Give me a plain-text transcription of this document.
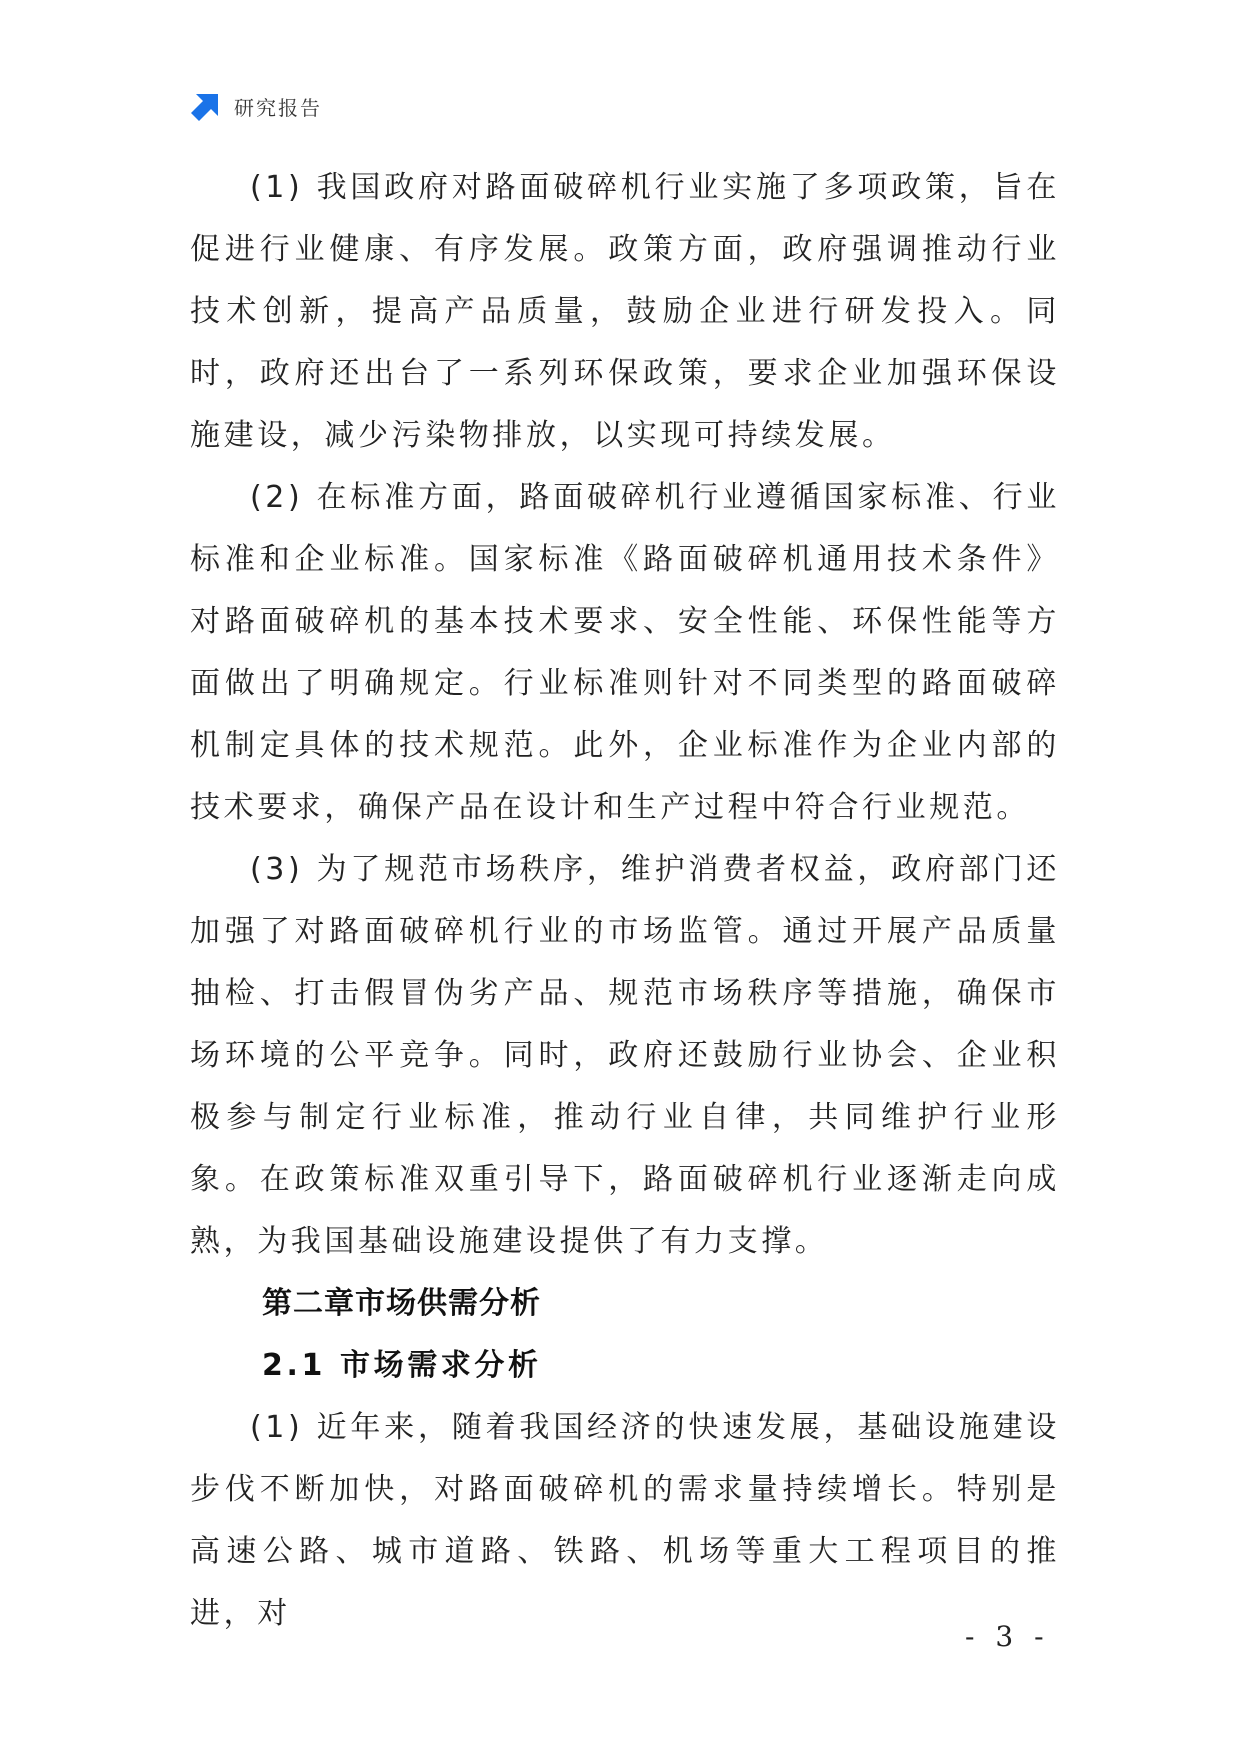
研究报告

(1) 我国政府对路面破碎机行业实施了多项政策，旨在促进行业健康、有序发展。政策方面，政府强调推动行业技术创新，提高产品质量，鼓励企业进行研发投入。同时，政府还出台了一系列环保政策，要求企业加强环保设施建设，减少污染物排放，以实现可持续发展。

(2) 在标准方面，路面破碎机行业遵循国家标准、行业标准和企业标准。国家标准《路面破碎机通用技术条件》对路面破碎机的基本技术要求、安全性能、环保性能等方面做出了明确规定。行业标准则针对不同类型的路面破碎机制定具体的技术规范。此外，企业标准作为企业内部的技术要求，确保产品在设计和生产过程中符合行业规范。

(3) 为了规范市场秩序，维护消费者权益，政府部门还加强了对路面破碎机行业的市场监管。通过开展产品质量抽检、打击假冒伪劣产品、规范市场秩序等措施，确保市场环境的公平竞争。同时，政府还鼓励行业协会、企业积极参与制定行业标准，推动行业自律，共同维护行业形象。在政策标准双重引导下，路面破碎机行业逐渐走向成熟，为我国基础设施建设提供了有力支撑。

第二章市场供需分析
2.1 市场需求分析

(1) 近年来，随着我国经济的快速发展，基础设施建设步伐不断加快，对路面破碎机的需求量持续增长。特别是高速公路、城市道路、铁路、机场等重大工程项目的推进，对

- 3 -
